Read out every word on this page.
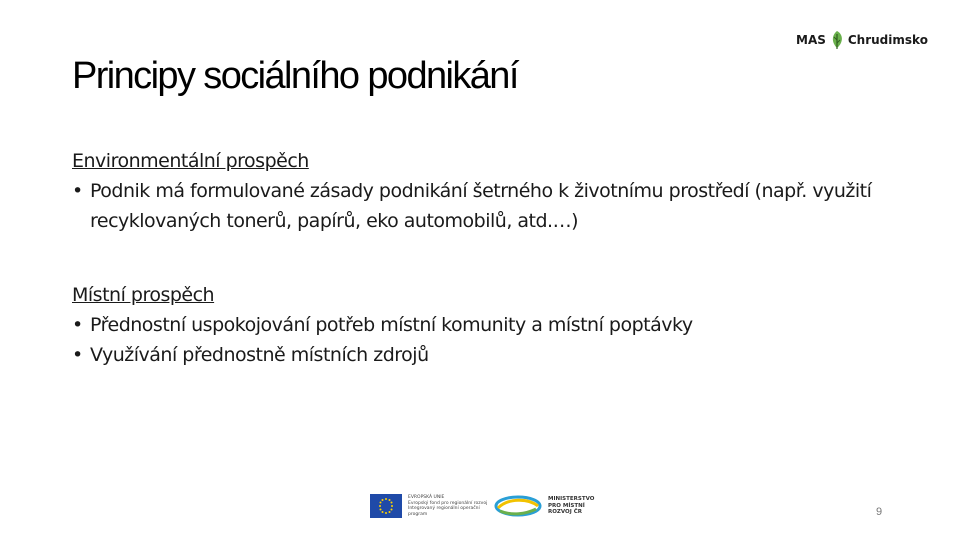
Principy sociálního podnikání
MAS Chrudimsko

Environmentální prospěch

• Podnik má formulované zásady podnikání šetrného k životnímu prostředí (např. využití recyklovaných tonerů, papírů, eko automobilů, atd.…)

Místní prospěch

• Přednostní uspokojování potřeb místní komunity a místní poptávky

• Využívání přednostně místních zdrojů

EVROPSKÁ UNIE
Evropský fond pro regionální rozvoj
Integrovaný regionální operační program
MINISTERSTVO
PRO MÍSTNÍ
ROZVOJ ČR	9
